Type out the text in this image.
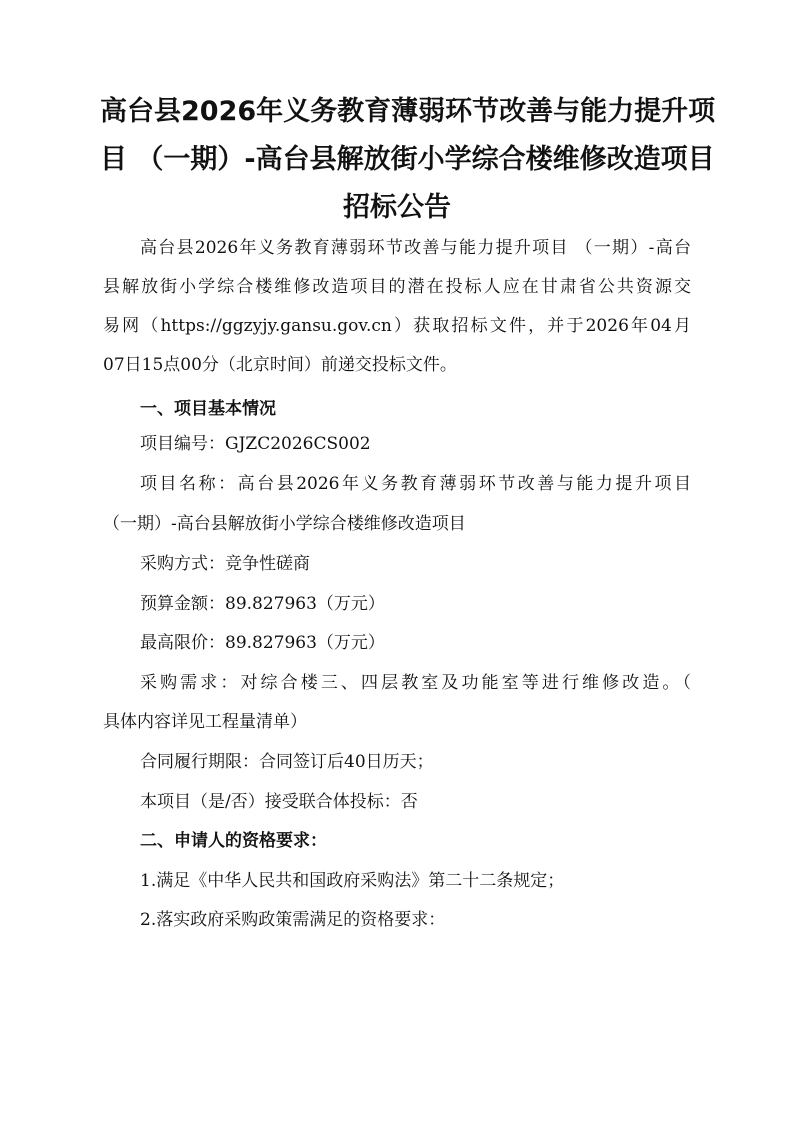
高台县2026年义务教育薄弱环节改善与能力提升项
目 （一期）-高台县解放街小学综合楼维修改造项目
招标公告
高台县2026年义务教育薄弱环节改善与能力提升项目 （一期）-高台
县解放街小学综合楼维修改造项目的潜在投标人应在甘肃省公共资源交
易网（https://ggzyjy.gansu.gov.cn）获取招标文件，并于2026年04月
07日15点00分（北京时间）前递交投标文件。
一、项目基本情况
项目编号：GJZC2026CS002
项目名称：高台县2026年义务教育薄弱环节改善与能力提升项目
（一期）-高台县解放街小学综合楼维修改造项目
采购方式：竞争性磋商
预算金额：89.827963（万元）
最高限价：89.827963（万元）
采购需求：对综合楼三、四层教室及功能室等进行维修改造。（
具体内容详见工程量清单）
合同履行期限：合同签订后40日历天；
本项目（是/否）接受联合体投标：否
二、申请人的资格要求：
1.满足《中华人民共和国政府采购法》第二十二条规定；
2.落实政府采购政策需满足的资格要求：
